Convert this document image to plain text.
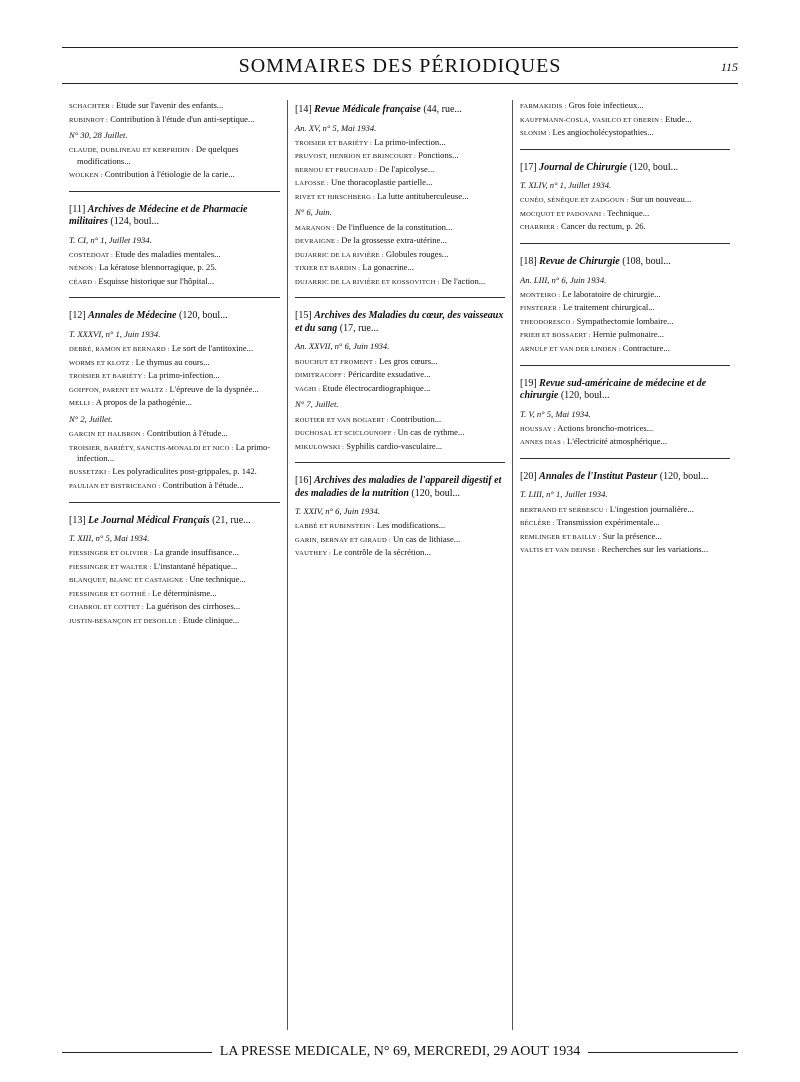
SOMMAIRES DES PÉRIODIQUES	115

SCHACHTER : Etude sur l'avenir des enfants...

RUBINROT : Contribution à l'étude d'un anti-septique...

N° 30, 28 Juillet.

CLAUDE, DUBLINEAU ET KERFRIDIN : De quelques modifications...

WOLKEN : Contribution à l'étiologie de la carie...

[11] Archives de Médecine et de Pharmacie militaires (124, boul...
T. CI, n° 1, Juillet 1934.

COSTEDOAT : Etude des maladies mentales...

NÉNON : La kératose blennorragique, p. 25.

CÉARD : Esquisse historique sur l'hôpital...

[12] Annales de Médecine (120, boul...
T. XXXVI, n° 1, Juin 1934.

DEBRÉ, RAMON ET BERNARD : Le sort de l'antitoxine...

WORMS ET KLOTZ : Le thymus au cours...

TROISIER ET BARIÉTY : La primo-infection...

GOIFFON, PARENT ET WALTZ : L'épreuve de la dyspnée...

MELLI : A propos de la pathogénie...

N° 2, Juillet.

GARCIN ET HALBRON : Contribution à l'étude...

TROISIER, BARIÉTY, SANCTIS-MONALDI ET NICO : La primo-infection...

BUSSETZKI : Les polyradiculites post-grippales, p. 142.

PAULIAN ET BISTRICEANO : Contribution à l'étude...

[13] Le Journal Médical Français (21, rue...
T. XIII, n° 5, Mai 1934.

FIESSINGER ET OLIVIER : La grande insuffisance...

FIESSINGER ET WALTER : L'instantané hépatique...

BLANQUET, BLANC ET CASTAIGNE : Une technique...

FIESSINGER ET GOTHIÉ : Le déterminisme...

CHABROL ET COTTET : La guérison des cirrhoses...

JUSTIN-BESANÇON ET DESOILLE : Etude clinique...

[14] Revue Médicale française (44, rue...
An. XV, n° 5, Mai 1934.

TROISIER ET BARIÉTY : La primo-infection...

PRUVOST, HENRION ET BRINCOURT : Ponctions...

BERNOU ET FRUCHAUD : De l'apicolyse...

LAFOSSE : Une thoracoplastie partielle...

RIVET ET HIRSCHBERG : La lutte antituberculeuse...

N° 6, Juin.

MARANON : De l'influence de la constitution...

DEVRAIGNE : De la grossesse extra-utérine...

DUJARRIC DE LA RIVIÈRE : Globules rouges...

TIXIER ET BARDIN : La gonacrine...

DUJARRIC DE LA RIVIÈRE ET KOSSOVITCH : De l'action...

[15] Archives des Maladies du cœur, des vaisseaux et du sang (17, rue...
An. XXVII, n° 6, Juin 1934.

BOUCHUT ET FROMENT : Les gros cœurs...

DIMITRACOFF : Péricardite exsudative...

VAGHI : Etude électrocardiographique...

N° 7, Juillet.

ROUTIER ET VAN BOGAERT : Contribution...

DUCHOSAL ET SCICLOUNOFF : Un cas de rythme...

MIKULOWSKI : Syphilis cardio-vasculaire...

[16] Archives des maladies de l'appareil digestif et des maladies de la nutrition (120, boul...
T. XXIV, n° 6, Juin 1934.

LABBÉ ET RUBINSTEIN : Les modifications...

GARIN, BERNAY ET GIRAUD : Un cas de lithiase...

VAUTHEY : Le contrôle de la sécrétion...

FARMAKIDIS : Gros foie infectieux...

KAUFFMANN-COSLA, VASILCO ET OBERIN : Etude...

SLONIM : Les angiocholécystopathies...

[17] Journal de Chirurgie (120, boul...
T. XLIV, n° 1, Juillet 1934.

CUNÉO, SÉNÈQUE ET ZADGOUN : Sur un nouveau...

MOCQUOT ET PADOVANI : Technique...

CHARRIER : Cancer du rectum, p. 26.

[18] Revue de Chirurgie (108, boul...
An. LIII, n° 6, Juin 1934.

MONTEIRO : Le laboratoire de chirurgie...

FINSTERER : Le traitement chirurgical...

THEODORESCO : Sympathectomie lombaire...

FRIEH ET BOSSAERT : Hernie pulmonaire...

ARNULF ET VAN DER LINDEN : Contracture...

[19] Revue sud-américaine de médecine et de chirurgie (120, boul...
T. V, n° 5, Mai 1934.

HOUSSAY : Actions broncho-motrices...

ANNES DIAS : L'électricité atmosphérique...

[20] Annales de l'Institut Pasteur (120, boul...
T. LIII, n° 1, Juillet 1934.

BERTRAND ET SERBESCU : L'ingestion journalière...

BÉCLÈRE : Transmission expérimentale...

REMLINGER ET BAILLY : Sur la présence...

VALTIS ET VAN DEINSE : Recherches sur les variations...

LA PRESSE MEDICALE, N° 69, MERCREDI, 29 AOUT 1934
